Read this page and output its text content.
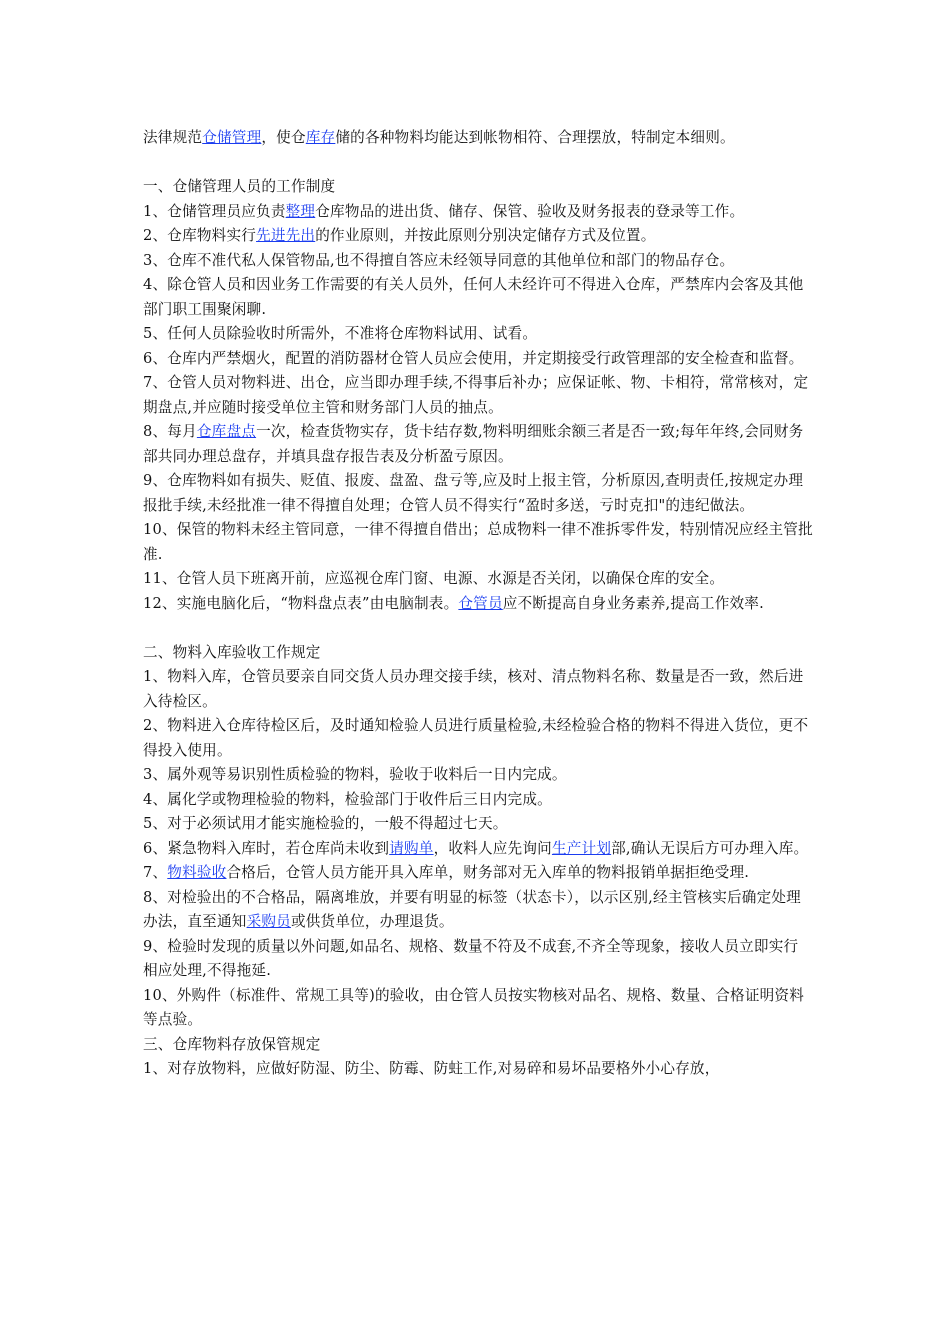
法律规范仓储管理，使仓库存储的各种物料均能达到帐物相符、合理摆放，特制定本细则。

一、仓储管理人员的工作制度

1、仓储管理员应负责整理仓库物品的进出货、储存、保管、验收及财务报表的登录等工作。

2、仓库物料实行先进先出的作业原则，并按此原则分别决定储存方式及位置。

3、仓库不准代私人保管物品,也不得擅自答应未经领导同意的其他单位和部门的物品存仓。

4、除仓管人员和因业务工作需要的有关人员外，任何人未经许可不得进入仓库，严禁库内会客及其他部门职工围聚闲聊.

5、任何人员除验收时所需外，不准将仓库物料试用、试看。

6、仓库内严禁烟火，配置的消防器材仓管人员应会使用，并定期接受行政管理部的安全检查和监督。

7、仓管人员对物料进、出仓，应当即办理手续,不得事后补办；应保证帐、物、卡相符，常常核对，定期盘点,并应随时接受单位主管和财务部门人员的抽点。

8、每月仓库盘点一次，检查货物实存，货卡结存数,物料明细账余额三者是否一致;每年年终,会同财务部共同办理总盘存，并填具盘存报告表及分析盈亏原因。

9、仓库物料如有损失、贬值、报废、盘盈、盘亏等,应及时上报主管，分析原因,查明责任,按规定办理报批手续,未经批准一律不得擅自处理；仓管人员不得实行“盈时多送，亏时克扣"的违纪做法。

10、保管的物料未经主管同意，一律不得擅自借出；总成物料一律不准拆零件发，特别情况应经主管批准.

11、仓管人员下班离开前，应巡视仓库门窗、电源、水源是否关闭，以确保仓库的安全。

12、实施电脑化后，“物料盘点表”由电脑制表。仓管员应不断提高自身业务素养,提高工作效率.

二、物料入库验收工作规定

1、物料入库，仓管员要亲自同交货人员办理交接手续，核对、清点物料名称、数量是否一致，然后进入待检区。

2、物料进入仓库待检区后，及时通知检验人员进行质量检验,未经检验合格的物料不得进入货位，更不得投入使用。

3、属外观等易识别性质检验的物料，验收于收料后一日内完成。

4、属化学或物理检验的物料，检验部门于收件后三日内完成。

5、对于必须试用才能实施检验的，一般不得超过七天。

6、紧急物料入库时，若仓库尚未收到请购单，收料人应先询问生产计划部,确认无误后方可办理入库。

7、物料验收合格后，仓管人员方能开具入库单，财务部对无入库单的物料报销单据拒绝受理.

8、对检验出的不合格品，隔离堆放，并要有明显的标签（状态卡），以示区别,经主管核实后确定处理办法，直至通知采购员或供货单位，办理退货。

9、检验时发现的质量以外问题,如品名、规格、数量不符及不成套,不齐全等现象，接收人员立即实行相应处理,不得拖延.

10、外购件（标准件、常规工具等)的验收，由仓管人员按实物核对品名、规格、数量、合格证明资料等点验。

三、仓库物料存放保管规定

1、对存放物料，应做好防湿、防尘、防霉、防蛀工作,对易碎和易坏品要格外小心存放，
